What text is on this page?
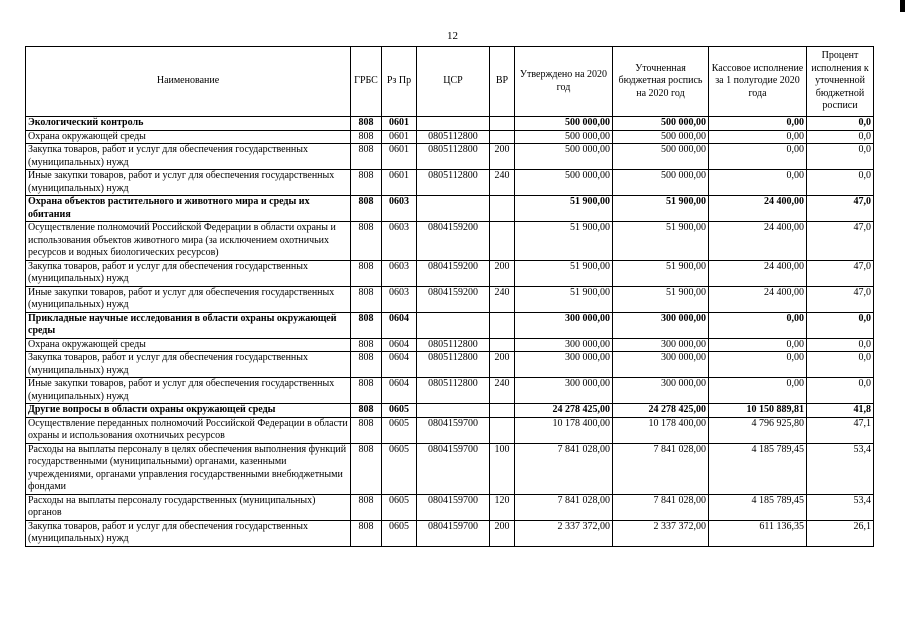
12
Наименование	ГРБС	Рз Пр	ЦСР	ВР	Утверждено на 2020 год	Уточненная бюджетная роспись на 2020 год	Кассовое исполнение за 1 полугодие 2020 года	Процент исполнения к уточненной бюджетной росписи
Экологический контроль	808	0601			500 000,00	500 000,00	0,00	0,0
Охрана окружающей среды	808	0601	0805112800		500 000,00	500 000,00	0,00	0,0
Закупка товаров, работ и услуг для обеспечения государственных (муниципальных) нужд	808	0601	0805112800	200	500 000,00	500 000,00	0,00	0,0
Иные закупки товаров, работ и услуг для обеспечения государственных (муниципальных) нужд	808	0601	0805112800	240	500 000,00	500 000,00	0,00	0,0
Охрана объектов растительного и животного мира и среды их обитания	808	0603			51 900,00	51 900,00	24 400,00	47,0
Осуществление полномочий Российской Федерации в области охраны и использования объектов животного мира (за исключением охотничьих ресурсов и водных биологических ресурсов)	808	0603	0804159200		51 900,00	51 900,00	24 400,00	47,0
Закупка товаров, работ и услуг для обеспечения государственных (муниципальных) нужд	808	0603	0804159200	200	51 900,00	51 900,00	24 400,00	47,0
Иные закупки товаров, работ и услуг для обеспечения государственных (муниципальных) нужд	808	0603	0804159200	240	51 900,00	51 900,00	24 400,00	47,0
Прикладные научные исследования в области охраны окружающей среды	808	0604			300 000,00	300 000,00	0,00	0,0
Охрана окружающей среды	808	0604	0805112800		300 000,00	300 000,00	0,00	0,0
Закупка товаров, работ и услуг для обеспечения государственных (муниципальных) нужд	808	0604	0805112800	200	300 000,00	300 000,00	0,00	0,0
Иные закупки товаров, работ и услуг для обеспечения государственных (муниципальных) нужд	808	0604	0805112800	240	300 000,00	300 000,00	0,00	0,0
Другие вопросы в области охраны окружающей среды	808	0605			24 278 425,00	24 278 425,00	10 150 889,81	41,8
Осуществление переданных полномочий Российской Федерации в области охраны и использования охотничьих ресурсов	808	0605	0804159700		10 178 400,00	10 178 400,00	4 796 925,80	47,1
Расходы на выплаты персоналу в целях обеспечения выполнения функций государственными (муниципальными) органами, казенными учреждениями, органами управления государственными внебюджетными фондами	808	0605	0804159700	100	7 841 028,00	7 841 028,00	4 185 789,45	53,4
Расходы на выплаты персоналу государственных (муниципальных) органов	808	0605	0804159700	120	7 841 028,00	7 841 028,00	4 185 789,45	53,4
Закупка товаров, работ и услуг для обеспечения государственных (муниципальных) нужд	808	0605	0804159700	200	2 337 372,00	2 337 372,00	611 136,35	26,1
